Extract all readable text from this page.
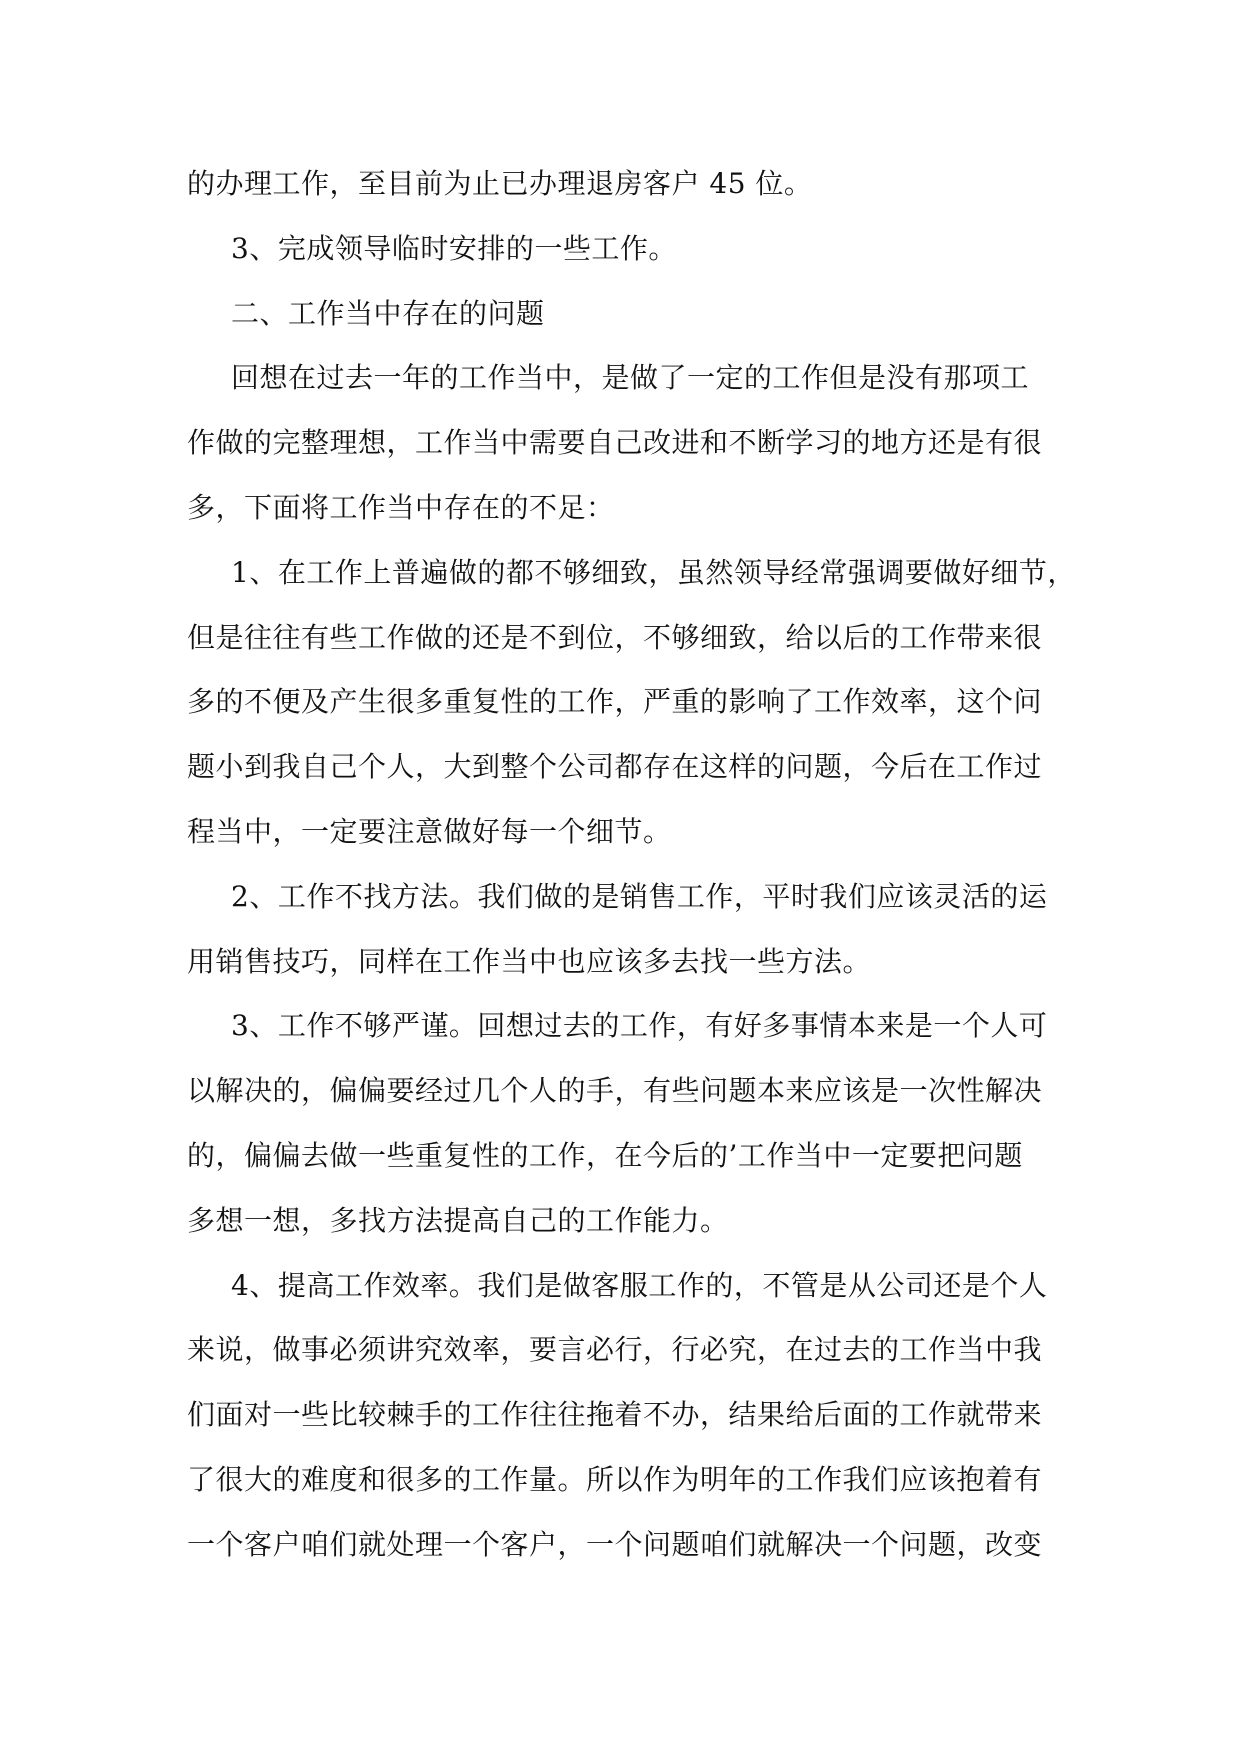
的办理工作，至目前为止已办理退房客户 45 位。
3、完成领导临时安排的一些工作。
二、工作当中存在的问题
回想在过去一年的工作当中，是做了一定的工作但是没有那项工
作做的完整理想，工作当中需要自己改进和不断学习的地方还是有很
多，下面将工作当中存在的不足：
1、在工作上普遍做的都不够细致，虽然领导经常强调要做好细节，
但是往往有些工作做的还是不到位，不够细致，给以后的工作带来很
多的不便及产生很多重复性的工作，严重的影响了工作效率，这个问
题小到我自己个人，大到整个公司都存在这样的问题，今后在工作过
程当中，一定要注意做好每一个细节。
2、工作不找方法。我们做的是销售工作，平时我们应该灵活的运
用销售技巧，同样在工作当中也应该多去找一些方法。
3、工作不够严谨。回想过去的工作，有好多事情本来是一个人可
以解决的，偏偏要经过几个人的手，有些问题本来应该是一次性解决
的，偏偏去做一些重复性的工作，在今后的’工作当中一定要把问题
多想一想，多找方法提高自己的工作能力。
4、提高工作效率。我们是做客服工作的，不管是从公司还是个人
来说，做事必须讲究效率，要言必行，行必究，在过去的工作当中我
们面对一些比较棘手的工作往往拖着不办，结果给后面的工作就带来
了很大的难度和很多的工作量。所以作为明年的工作我们应该抱着有
一个客户咱们就处理一个客户，一个问题咱们就解决一个问题，改变
